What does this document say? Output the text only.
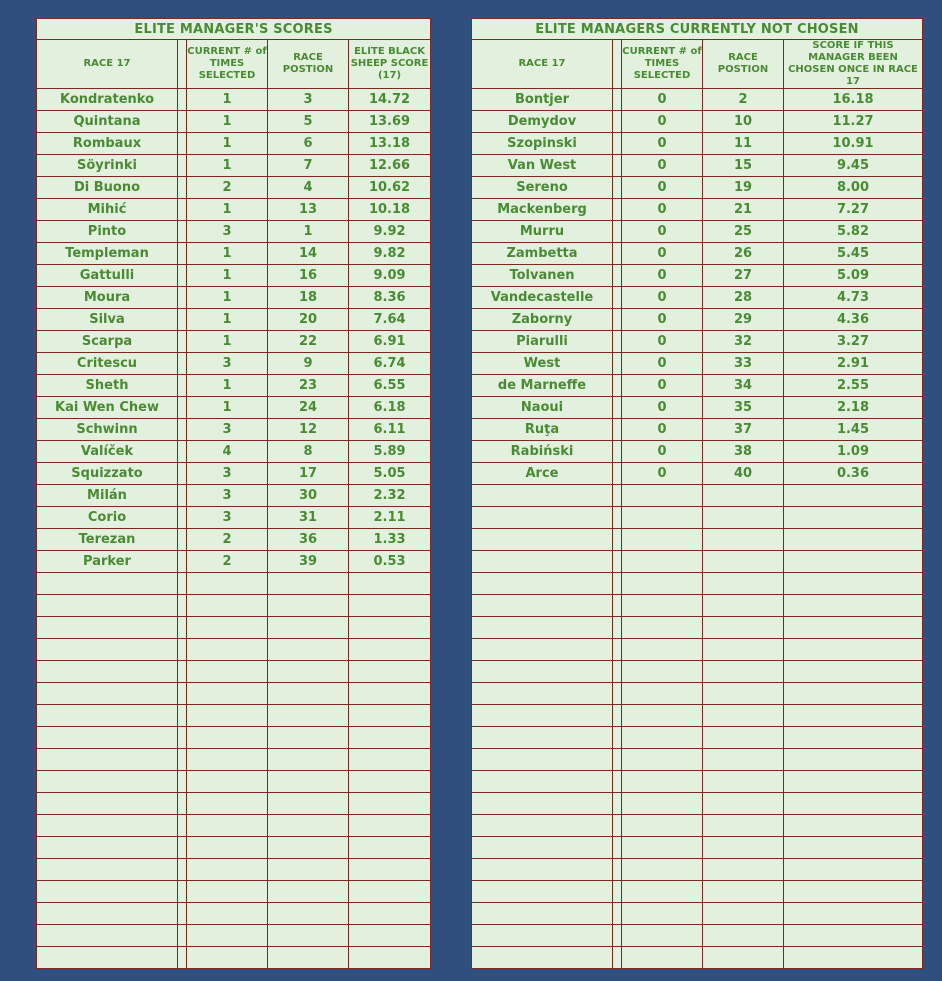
ELITE MANAGER'S SCORES				
RACE 17		CURRENT # of TIMES SELECTED	RACE POSTION	ELITE BLACK SHEEP SCORE (17)
Kondratenko		1	3	14.72
Quintana		1	5	13.69
Rombaux		1	6	13.18
Söyrinki		1	7	12.66
Di Buono		2	4	10.62
Mihić		1	13	10.18
Pinto		3	1	9.92
Templeman		1	14	9.82
Gattulli		1	16	9.09
Moura		1	18	8.36
Silva		1	20	7.64
Scarpa		1	22	6.91
Critescu		3	9	6.74
Sheth		1	23	6.55
Kai Wen Chew		1	24	6.18
Schwinn		3	12	6.11
Valíček		4	8	5.89
Squizzato		3	17	5.05
Milán		3	30	2.32
Corio		3	31	2.11
Terezan		2	36	1.33
Parker		2	39	0.53

ELITE MANAGERS CURRENTLY NOT CHOSEN				
RACE 17		CURRENT # of TIMES SELECTED	RACE POSTION	SCORE IF THIS MANAGER BEEN CHOSEN ONCE IN RACE 17
Bontjer		0	2	16.18
Demydov		0	10	11.27
Szopinski		0	11	10.91
Van West		0	15	9.45
Sereno		0	19	8.00
Mackenberg		0	21	7.27
Murru		0	25	5.82
Zambetta		0	26	5.45
Tolvanen		0	27	5.09
Vandecastelle		0	28	4.73
Zaborny		0	29	4.36
Piarulli		0	32	3.27
West		0	33	2.91
de Marneffe		0	34	2.55
Naoui		0	35	2.18
Ruţa		0	37	1.45
Rabiński		0	38	1.09
Arce		0	40	0.36
